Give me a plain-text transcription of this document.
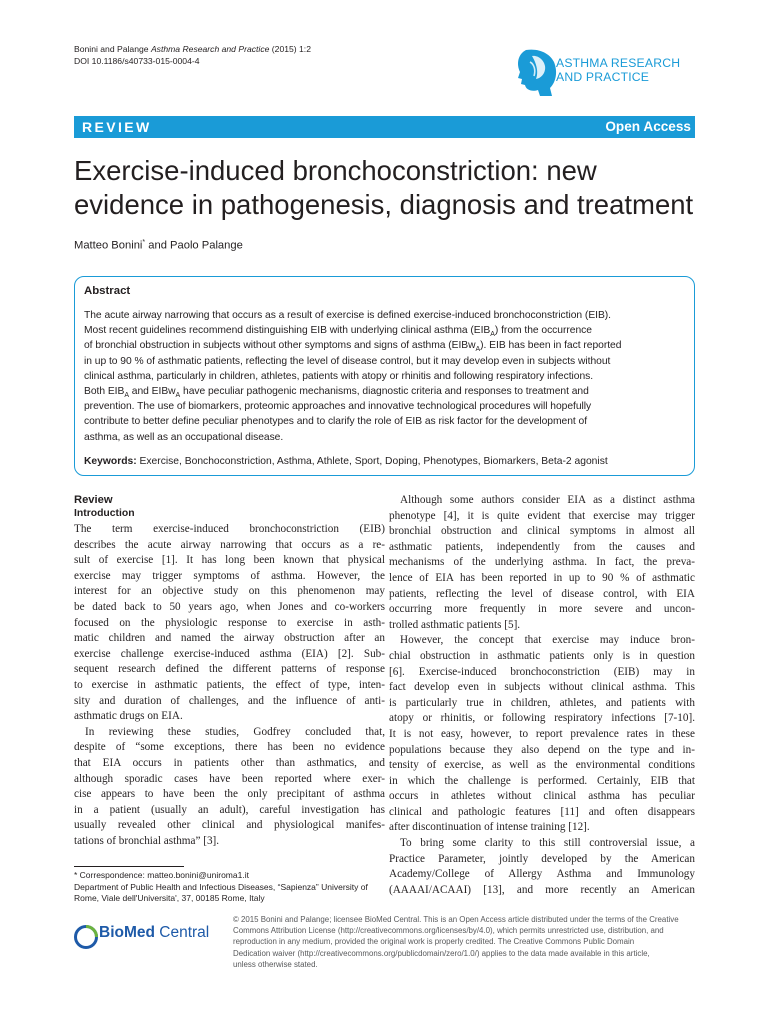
Bonini and Palange Asthma Research and Practice (2015) 1:2
DOI 10.1186/s40733-015-0004-4	ASTHMA RESEARCH
AND PRACTICE
REVIEW	Open Access
Exercise-induced bronchoconstriction: new
evidence in pathogenesis, diagnosis and treatment
Matteo Bonini* and Paolo Palange
Abstract
The acute airway narrowing that occurs as a result of exercise is defined exercise-induced bronchoconstriction (EIB).
Most recent guidelines recommend distinguishing EIB with underlying clinical asthma $(EIB_A)$ from the occurrence
of bronchial obstruction in subjects without other symptoms and signs of asthma (EIBw$_A$). EIB has been in fact reported
in up to 90 % of asthmatic patients, reflecting the level of disease control, but it may develop even in subjects without
clinical asthma, particularly in children, athletes, patients with atopy or rhinitis and following respiratory infections.
Both $EIB_A$ and EIBw$_A$ have peculiar pathogenic mechanisms, diagnostic criteria and responses to treatment and
prevention. The use of biomarkers, proteomic approaches and innovative technological procedures will hopefully
contribute to better define peculiar phenotypes and to clarify the role of EIB as risk factor for the development of
asthma, as well as an occupational disease.
Keywords: Exercise, Bonchoconstriction, Asthma, Athlete, Sport, Doping, Phenotypes, Biomarkers, Beta-2 agonist
Review
Introduction
The term exercise-induced bronchoconstriction (EIB)
describes the acute airway narrowing that occurs as a re-
sult of exercise [1]. It has long been known that physical
exercise may trigger symptoms of asthma. However, the
interest for an objective study on this phenomenon may
be dated back to 50 years ago, when Jones and co-workers
focused on the physiologic response to exercise in asth-
matic children and named the airway obstruction after an
exercise challenge exercise-induced asthma (EIA) [2]. Sub-
sequent research defined the different patterns of response
to exercise in asthmatic patients, the effect of type, inten-
sity and duration of challenges, and the influence of anti-
asthmatic drugs on EIA.
In reviewing these studies, Godfrey concluded that,
despite of “some exceptions, there has been no evidence
that EIA occurs in patients other than asthmatics, and
although sporadic cases have been reported where exer-
cise appears to have been the only precipitant of asthma
in a patient (usually an adult), careful investigation has
usually revealed other clinical and physiological manifes-
tations of bronchial asthma” [3].
Although some authors consider EIA as a distinct asthma
phenotype [4], it is quite evident that exercise may trigger
bronchial obstruction and clinical symptoms in almost all
asthmatic patients, independently from the causes and
mechanisms of the underlying asthma. In fact, the preva-
lence of EIA has been reported in up to 90 % of asthmatic
patients, reflecting the level of disease control, with EIA
occurring more frequently in more severe and uncon-
trolled asthmatic patients [5].
However, the concept that exercise may induce bron-
chial obstruction in asthmatic patients only is in question
[6]. Exercise-induced bronchoconstriction (EIB) may in
fact develop even in subjects without clinical asthma. This
is particularly true in children, athletes, and patients with
atopy or rhinitis, or following respiratory infections [7-10].
It is not easy, however, to report prevalence rates in these
populations because they also depend on the type and in-
tensity of exercise, as well as the environmental conditions
in which the challenge is performed. Certainly, EIB that
occurs in athletes without clinical asthma has peculiar
clinical and pathologic features [11] and often disappears
after discontinuation of intense training [12].
To bring some clarity to this still controversial issue, a
Practice Parameter, jointly developed by the American
Academy/College of Allergy Asthma and Immunology
(AAAAI/ACAAI) [13], and more recently an American
* Correspondence: matteo.bonini@uniroma1.it
Department of Public Health and Infectious Diseases, “Sapienza” University of
Rome, Viale dell'Universita', 37, 00185 Rome, Italy
BioMed Central
© 2015 Bonini and Palange; licensee BioMed Central. This is an Open Access article distributed under the terms of the Creative
Commons Attribution License (http://creativecommons.org/licenses/by/4.0), which permits unrestricted use, distribution, and
reproduction in any medium, provided the original work is properly credited. The Creative Commons Public Domain
Dedication waiver (http://creativecommons.org/publicdomain/zero/1.0/) applies to the data made available in this article,
unless otherwise stated.
